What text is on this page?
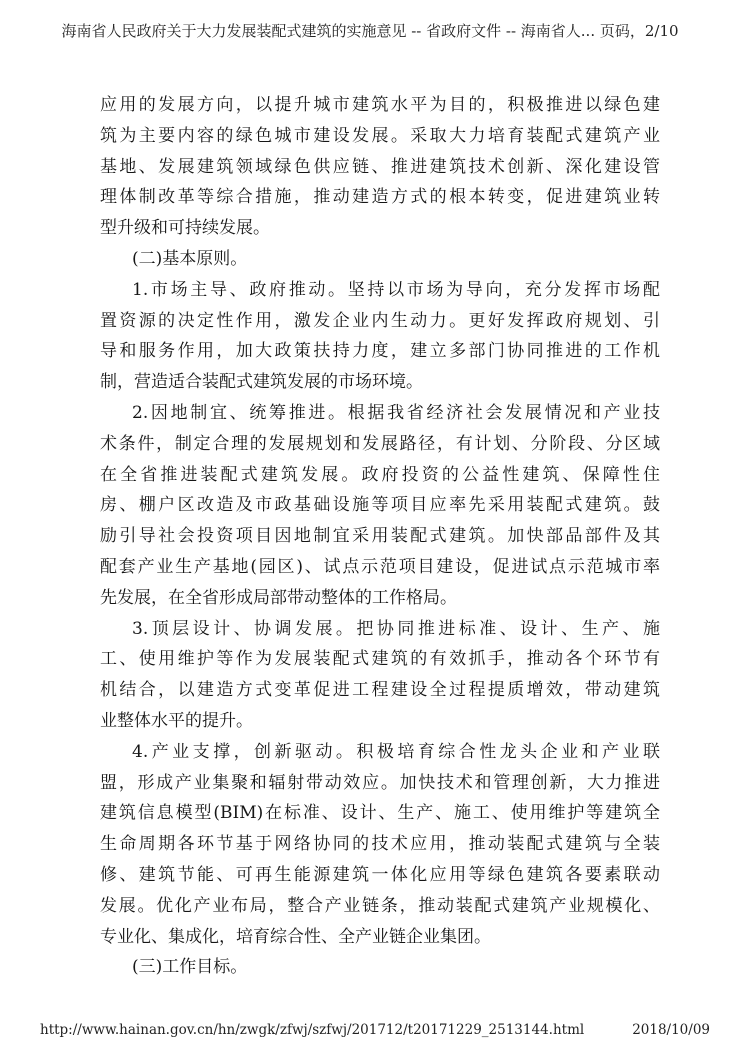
海南省人民政府关于大力发展装配式建筑的实施意见 -- 省政府文件 -- 海南省人... 页码，2/10
应用的发展方向，以提升城市建筑水平为目的，积极推进以绿色建
筑为主要内容的绿色城市建设发展。采取大力培育装配式建筑产业
基地、发展建筑领域绿色供应链、推进建筑技术创新、深化建设管
理体制改革等综合措施，推动建造方式的根本转变，促进建筑业转
型升级和可持续发展。
(二)基本原则。
1.市场主导、政府推动。坚持以市场为导向，充分发挥市场配
置资源的决定性作用，激发企业内生动力。更好发挥政府规划、引
导和服务作用，加大政策扶持力度，建立多部门协同推进的工作机
制，营造适合装配式建筑发展的市场环境。
2.因地制宜、统筹推进。根据我省经济社会发展情况和产业技
术条件，制定合理的发展规划和发展路径，有计划、分阶段、分区域
在全省推进装配式建筑发展。政府投资的公益性建筑、保障性住
房、棚户区改造及市政基础设施等项目应率先采用装配式建筑。鼓
励引导社会投资项目因地制宜采用装配式建筑。加快部品部件及其
配套产业生产基地(园区)、试点示范项目建设，促进试点示范城市率
先发展，在全省形成局部带动整体的工作格局。
3.顶层设计、协调发展。把协同推进标准、设计、生产、施
工、使用维护等作为发展装配式建筑的有效抓手，推动各个环节有
机结合，以建造方式变革促进工程建设全过程提质增效，带动建筑
业整体水平的提升。
4.产业支撑，创新驱动。积极培育综合性龙头企业和产业联
盟，形成产业集聚和辐射带动效应。加快技术和管理创新，大力推进
建筑信息模型(BIM)在标准、设计、生产、施工、使用维护等建筑全
生命周期各环节基于网络协同的技术应用，推动装配式建筑与全装
修、建筑节能、可再生能源建筑一体化应用等绿色建筑各要素联动
发展。优化产业布局，整合产业链条，推动装配式建筑产业规模化、
专业化、集成化，培育综合性、全产业链企业集团。
(三)工作目标。
http://www.hainan.gov.cn/hn/zwgk/zfwj/szfwj/201712/t20171229_2513144.html	2018/10/09
